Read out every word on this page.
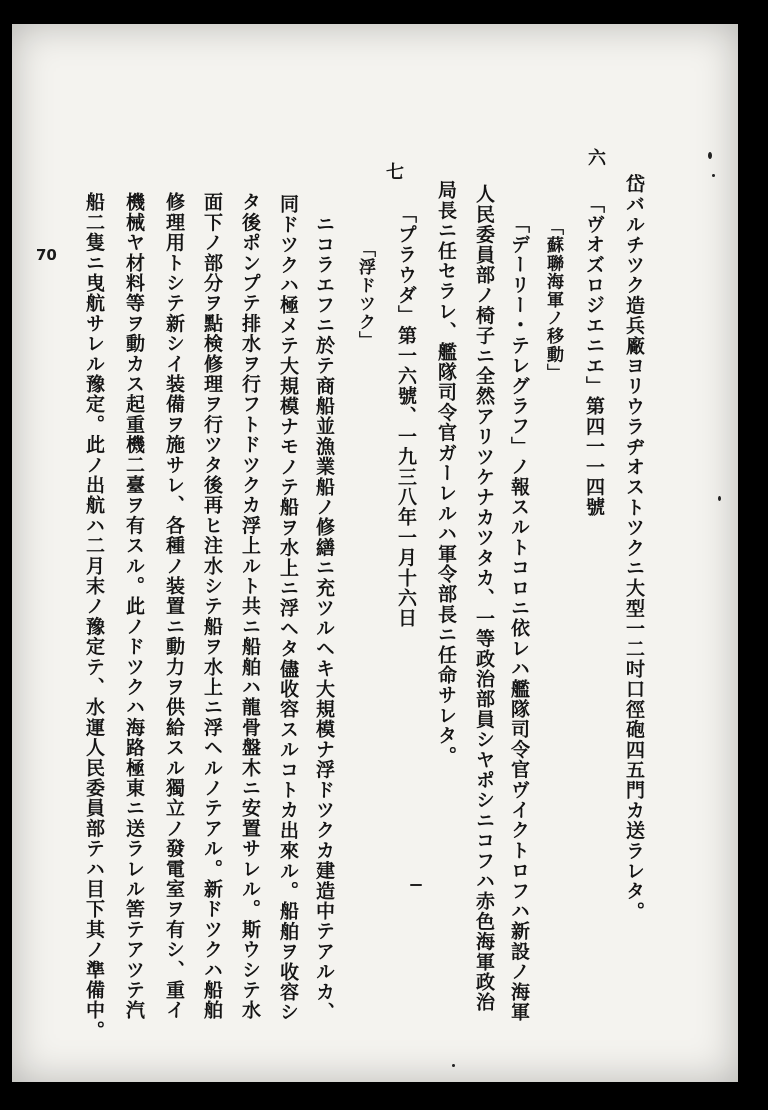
70
六
七
岱バルチツク造兵廠ヨリウラヂオストツクニ大型一二吋口徑砲四五門カ送ラレタ。
「ヴオズロジエニエ」第四一一四號
「蘇聯海軍ノ移動」
「デーリー・テレグラフ」ノ報スルトコロニ依レハ艦隊司令官ヴイクトロフハ新設ノ海軍
人民委員部ノ椅子ニ全然アリツケナカツタカ、一等政治部員シヤポシニコフハ赤色海軍政治
局長ニ任セラレ、艦隊司令官ガーレルハ軍令部長ニ任命サレタ。
「プラウダ」第一六號、一九三八年一月十六日
「浮ドツク」
ニコラエフニ於テ商船並漁業船ノ修繕ニ充ツルヘキ大規模ナ浮ドツクカ建造中テアルカ、
同ドツクハ極メテ大規模ナモノテ船ヲ水上ニ浮ヘタ儘收容スルコトカ出來ル。船舶ヲ收容シ
タ後ポンプテ排水ヲ行フトドツクカ浮上ルト共ニ船舶ハ龍骨盤木ニ安置サレル。斯ウシテ水
面下ノ部分ヲ點検修理ヲ行ツタ後再ヒ注水シテ船ヲ水上ニ浮ヘルノテアル。新ドツクハ船舶
修理用トシテ新シイ装備ヲ施サレ、各種ノ装置ニ動力ヲ供給スル獨立ノ發電室ヲ有シ、重イ
機械ヤ材料等ヲ動カス起重機二臺ヲ有スル。此ノドツクハ海路極東ニ送ラレル筈テアツテ汽
船二隻ニ曳航サレル豫定。此ノ出航ハ二月末ノ豫定テ、水運人民委員部テハ目下其ノ準備中。
